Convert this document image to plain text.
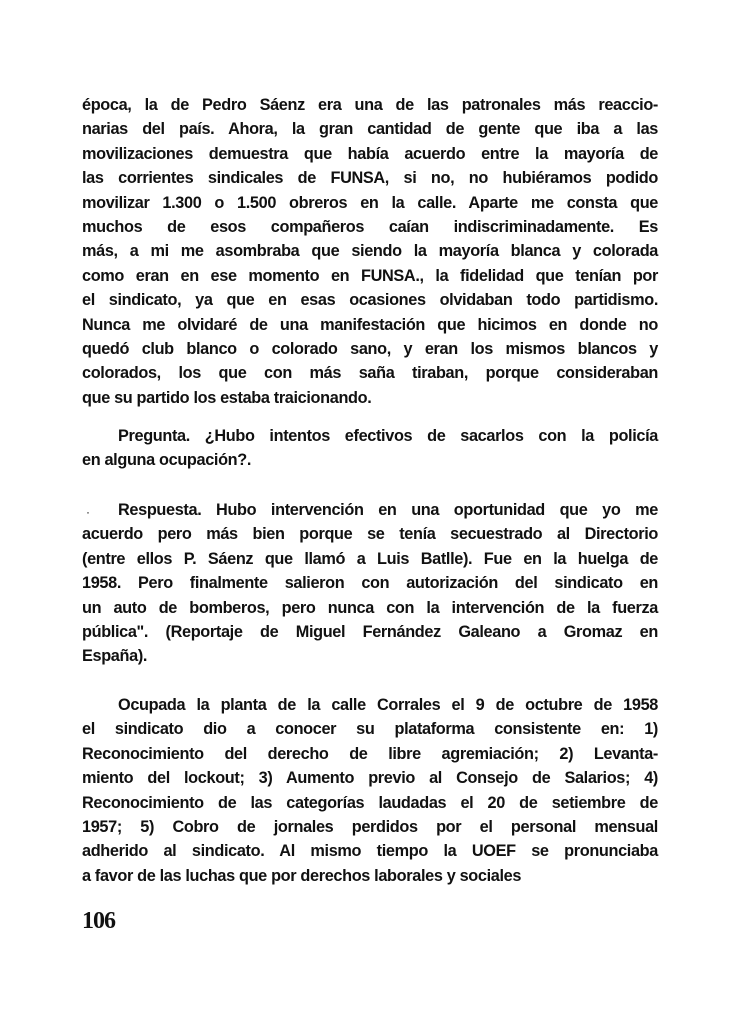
época, la de Pedro Sáenz era una de las patronales más reaccio-
narias del país. Ahora, la gran cantidad de gente que iba a las
movilizaciones demuestra que había acuerdo entre la mayoría de
las corrientes sindicales de FUNSA, si no, no hubiéramos podido
movilizar 1.300 o 1.500 obreros en la calle. Aparte me consta que
muchos de esos compañeros caían indiscriminadamente. Es
más, a mi me asombraba que siendo la mayoría blanca y colorada
como eran en ese momento en FUNSA., la fidelidad que tenían por
el sindicato, ya que en esas ocasiones olvidaban todo partidismo.
Nunca me olvidaré de una manifestación que hicimos en donde no
quedó club blanco o colorado sano, y eran los mismos blancos y
colorados, los que con más saña tiraban, porque consideraban
que su partido los estaba traicionando.
Pregunta. ¿Hubo intentos efectivos de sacarlos con la policía
en alguna ocupación?.
·	Respuesta. Hubo intervención en una oportunidad que yo me
acuerdo pero más bien porque se tenía secuestrado al Directorio
(entre ellos P. Sáenz que llamó a Luis Batlle). Fue en la huelga de
1958. Pero finalmente salieron con autorización del sindicato en
un auto de bomberos, pero nunca con la intervención de la fuerza
pública". (Reportaje de Miguel Fernández Galeano a Gromaz en
España).
Ocupada la planta de la calle Corrales el 9 de octubre de 1958
el sindicato dio a conocer su plataforma consistente en: 1)
Reconocimiento del derecho de libre agremiación; 2) Levanta-
miento del lockout; 3) Aumento previo al Consejo de Salarios; 4)
Reconocimiento de las categorías laudadas el 20 de setiembre de
1957; 5) Cobro de jornales perdidos por el personal mensual
adherido al sindicato. Al mismo tiempo la UOEF se pronunciaba
a favor de las luchas que por derechos laborales y sociales
106
